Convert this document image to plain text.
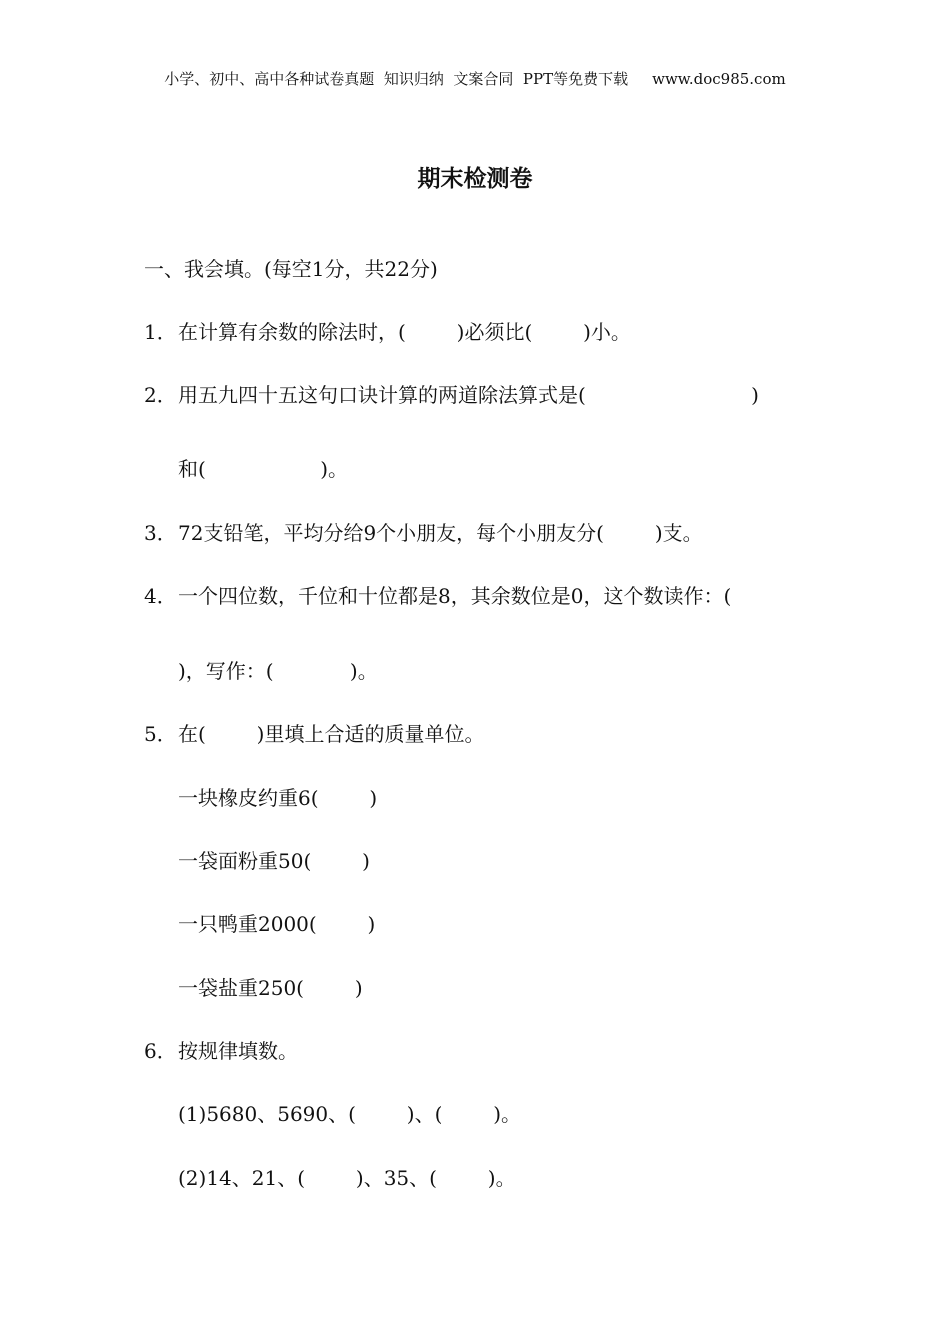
小学、初中、高中各种试卷真题  知识归纳  文案合同  PPT等免费下载 www.doc985.com
期末检测卷
一、我会填。(每空1分，共22分)
1．在计算有余数的除法时，(        )必须比(        )小。
2．用五九四十五这句口诀计算的两道除法算式是(                          )
和(                  )。
3．72支铅笔，平均分给9个小朋友，每个小朋友分(        )支。
4．一个四位数，千位和十位都是8，其余数位是0，这个数读作：(
)，写作：(            )。
5．在(        )里填上合适的质量单位。
一块橡皮约重6(        )
一袋面粉重50(        )
一只鸭重2000(        )
一袋盐重250(        )
6．按规律填数。
(1)5680、5690、(        )、(        )。
(2)14、21、(        )、35、(        )。
